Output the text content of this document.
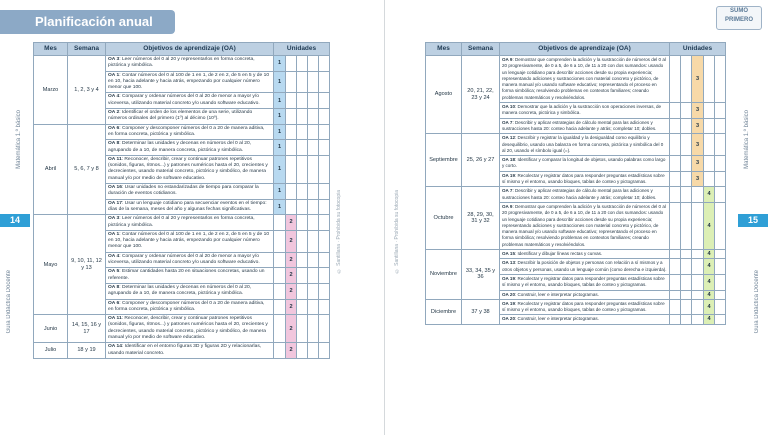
Planificación anual
14
Guía Didáctica Docente
Matemática 1.º básico
© Santillana · Prohibida su fotocopia
Mes	Semana	Objetivos de aprendizaje (OA)	Unidades				
Marzo	1, 2, 3 y 4	OA 3: Leer números del 0 al 20 y representarlos en forma concreta, pictórica y simbólica.	1				
		OA 1: Contar números del 0 al 100 de 1 en 1, de 2 en 2, de 5 en 5 y de 10 en 10, hacia adelante y hacia atrás, empezando por cualquier número menor que 100.	1				
		OA 4: Comparar y ordenar números del 0 al 20 de menor a mayor y/o viceversa, utilizando material concreto y/o usando software educativo.	1				
		OA 2: Identificar el orden de los elementos de una serie, utilizando números ordinales del primero (1º) al décimo (10º).	1				
Abril	5, 6, 7 y 8	OA 6: Componer y descomponer números del 0 a 20 de manera aditiva, en forma concreta, pictórica y simbólica.	1				
		OA 8: Determinar las unidades y decenas en números del 0 al 20, agrupando de a 10, de manera concreta, pictórica y simbólica.	1				
		OA 11: Reconocer, describir, crear y continuar patrones repetitivos (sonidos, figuras, ritmos...) y patrones numéricos hasta el 20, crecientes y decrecientes, usando material concreto, pictórico y simbólico, de manera manual y/o por medio de software educativo.	1				
		OA 16: Usar unidades no estandarizadas de tiempo para comparar la duración de eventos cotidianos.	1				
		OA 17: Usar un lenguaje cotidiano para secuenciar eventos en el tiempo: días de la semana, meses del año y algunas fechas significativas.	1				
Mayo	9, 10, 11, 12 y 13	OA 3: Leer números del 0 al 20 y representarlos en forma concreta, pictórica y simbólica.		2			
		OA 1: Contar números del 0 al 100 de 1 en 1, de 2 en 2, de 5 en 5 y de 10 en 10, hacia adelante y hacia atrás, empezando por cualquier número menor que 100.		2			
		OA 4: Comparar y ordenar números del 0 al 20 de menor a mayor y/o viceversa, utilizando material concreto y/o usando software educativo.		2			
		OA 5: Estimar cantidades hasta 20 en situaciones concretas, usando un referente.		2			
		OA 8: Determinar las unidades y decenas en números del 0 al 20, agrupando de a 10, de manera concreta, pictórica y simbólica.		2			
		OA 6: Componer y descomponer números del 0 a 20 de manera aditiva, en forma concreta, pictórica y simbólica.		2			
Junio	14, 15, 16 y 17	OA 11: Reconocer, describir, crear y continuar patrones repetitivos (sonidos, figuras, ritmos...) y patrones numéricos hasta el 20, crecientes y decrecientes, usando material concreto, pictórico y simbólico, de manera manual y/o por medio de software educativo.		2			
Julio	18 y 19	OA 14: Identificar en el entorno figuras 3D y figuras 2D y relacionarlas, usando material concreto.		2			
SUMO
PRIMERO
15
Guía Didáctica Docente
Matemática 1.º básico
© Santillana · Prohibida su fotocopia
Mes	Semana	Objetivos de aprendizaje (OA)	Unidades				
Agosto	20, 21, 22, 23 y 24	OA 9: Demostrar que comprenden la adición y la sustracción de números del 0 al 20 progresivamente, de 0 a 5, de 6 a 10, de 11 a 20 con dos sumandos: usando un lenguaje cotidiano para describir acciones desde su propia experiencia; representando adiciones y sustracciones con material concreto y pictórico, de manera manual y/o usando software educativo; representando el proceso en forma simbólica; resolviendo problemas en contextos familiares; creando problemas matemáticos y resolviéndolos.			3		
		OA 10: Demostrar que la adición y la sustracción son operaciones inversas, de manera concreta, pictórica y simbólica.			3		
		OA 7: Describir y aplicar estrategias de cálculo mental para las adiciones y sustracciones hasta 20: conteo hacia adelante y atrás; completar 10; dobles.			3		
Septiembre	25, 26 y 27	OA 12: Describir y registrar la igualdad y la desigualdad como equilibrio y desequilibrio, usando una balanza en forma concreta, pictórica y simbólica del 0 al 20, usando el símbolo igual (=).			3		
		OA 18: Identificar y comparar la longitud de objetos, usando palabras como largo y corto.			3		
		OA 19: Recolectar y registrar datos para responder preguntas estadísticas sobre sí mismo y el entorno, usando bloques, tablas de conteo y pictogramas.			3		
Octubre	28, 29, 30, 31 y 32	OA 7: Describir y aplicar estrategias de cálculo mental para las adiciones y sustracciones hasta 20: conteo hacia adelante y atrás; completar 10; dobles.				4	
		OA 9: Demostrar que comprenden la adición y la sustracción de números del 0 al 20 progresivamente, de 0 a 5, de 6 a 10, de 11 a 20 con dos sumandos: usando un lenguaje cotidiano para describir acciones desde su propia experiencia; representando adiciones y sustracciones con material concreto y pictórico, de manera manual y/o usando software educativo; representando el proceso en forma simbólica; resolviendo problemas en contextos familiares; creando problemas matemáticos y resolviéndolos.				4	
Noviembre	33, 34, 35 y 36	OA 15: Identificar y dibujar líneas rectas y curvas.				4	
		OA 13: Describir la posición de objetos y personas con relación a sí mismos y a otros objetos y personas, usando un lenguaje común (como derecha e izquierda).				4	
		OA 19: Recolectar y registrar datos para responder preguntas estadísticas sobre sí mismo y el entorno, usando bloques, tablas de conteo y pictogramas.				4	
		OA 20: Construir, leer e interpretar pictogramas.				4	
Diciembre	37 y 38	OA 19: Recolectar y registrar datos para responder preguntas estadísticas sobre sí mismo y el entorno, usando bloques, tablas de conteo y pictogramas.				4	
		OA 20: Construir, leer e interpretar pictogramas.				4	
